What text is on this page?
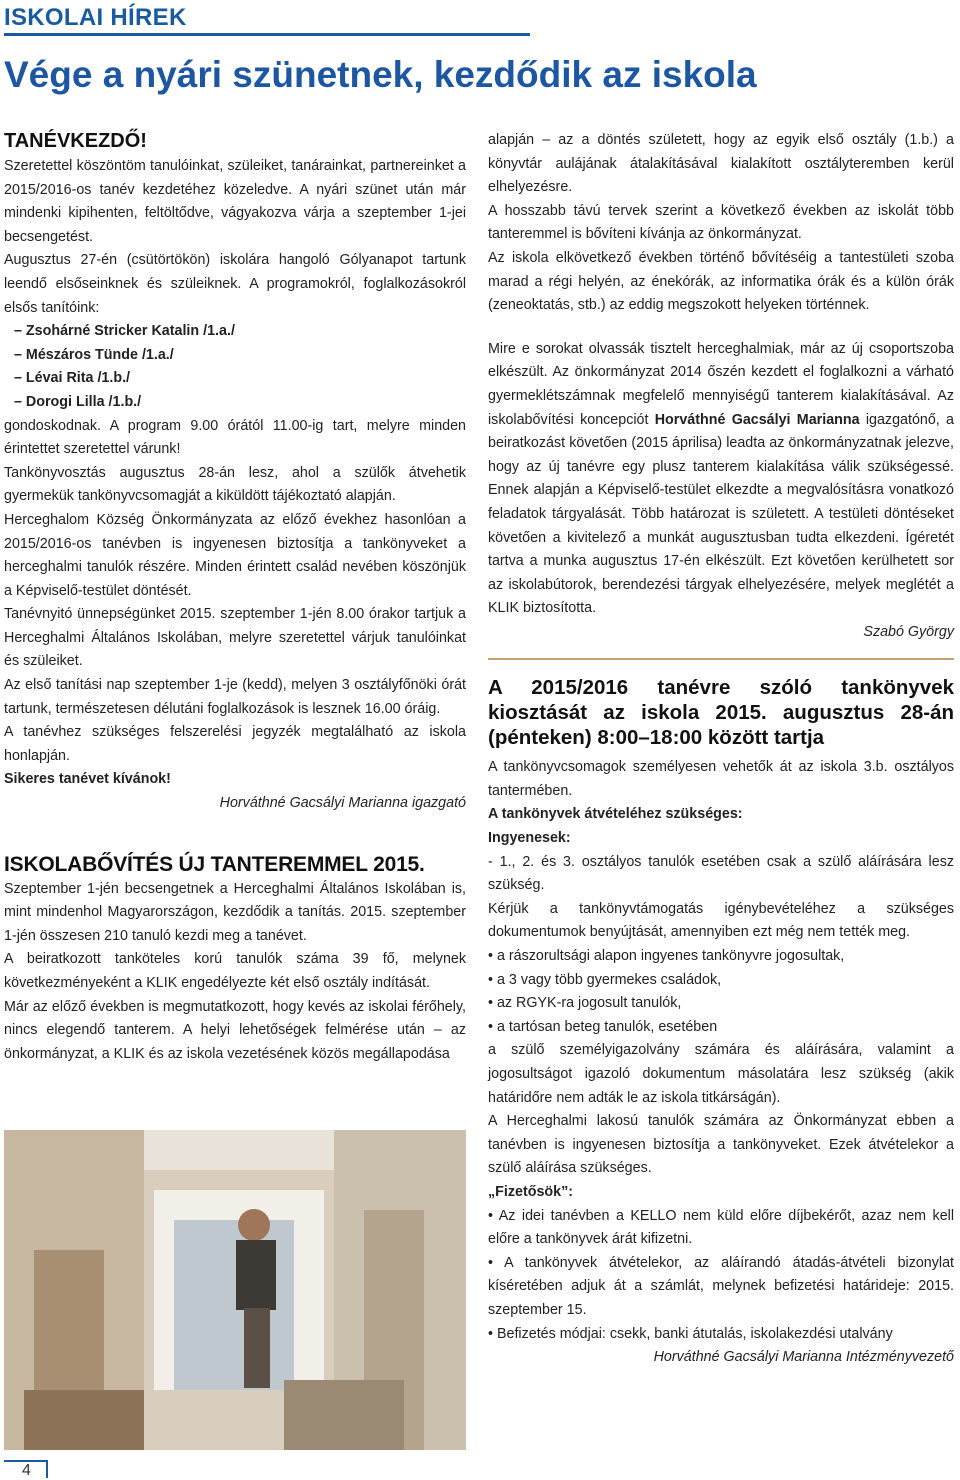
ISKOLAI HÍREK
Vége a nyári szünetnek, kezdődik az iskola

TANÉVKEZDŐ!

Szeretettel köszöntöm tanulóinkat, szüleiket, tanárainkat, partnereinket a 2015/2016-os tanév kezdetéhez közeledve. A nyári szünet után már mindenki kipihenten, feltöltődve, vágyakozva várja a szeptember 1-jei becsengetést.

Augusztus 27-én (csütörtökön) iskolára hangoló Gólyanapot tartunk leendő elsőseinknek és szüleiknek. A programokról, foglalkozásokról elsős tanítóink:

– Zsohárné Stricker Katalin /1.a./

– Mészáros Tünde /1.a./

– Lévai Rita /1.b./

– Dorogi Lilla /1.b./

gondoskodnak. A program 9.00 órától 11.00-ig tart, melyre minden érintettet szeretettel várunk!

Tankönyvosztás augusztus 28-án lesz, ahol a szülők átvehetik gyermekük tankönyvcsomagját a kiküldött tájékoztató alapján.

Herceghalom Község Önkormányzata az előző évekhez hasonlóan a 2015/2016-os tanévben is ingyenesen biztosítja a tankönyveket a herceghalmi tanulók részére. Minden érintett család nevében köszönjük a Képviselő-testület döntését.

Tanévnyitó ünnepségünket 2015. szeptember 1-jén 8.00 órakor tartjuk a Herceghalmi Általános Iskolában, melyre szeretettel várjuk tanulóinkat és szüleiket.

Az első tanítási nap szeptember 1-je (kedd), melyen 3 osztályfőnöki órát tartunk, természetesen délutáni foglalkozások is lesznek 16.00 óráig.

A tanévhez szükséges felszerelési jegyzék megtalálható az iskola honlapján.

Sikeres tanévet kívánok!

Horváthné Gacsályi Marianna igazgató

ISKOLABŐVÍTÉS ÚJ TANTEREMMEL 2015.

Szeptember 1-jén becsengetnek a Herceghalmi Általános Iskolában is, mint mindenhol Magyarországon, kezdődik a tanítás. 2015. szeptember 1-jén összesen 210 tanuló kezdi meg a tanévet.

A beiratkozott tanköteles korú tanulók száma 39 fő, melynek következményeként a KLIK engedélyezte két első osztály indítását.

Már az előző években is megmutatkozott, hogy kevés az iskolai férőhely, nincs elegendő tanterem. A helyi lehetőségek felmérése után – az önkormányzat, a KLIK és az iskola vezetésének közös megállapodása

alapján – az a döntés született, hogy az egyik első osztály (1.b.) a könyvtár aulájának átalakításával kialakított osztályteremben kerül elhelyezésre.

A hosszabb távú tervek szerint a következő években az iskolát több tanteremmel is bővíteni kívánja az önkormányzat.

Az iskola elkövetkező években történő bővítéséig a tantestületi szoba marad a régi helyén, az énekórák, az informatika órák és a külön órák (zeneoktatás, stb.) az eddig megszokott helyeken történnek.

Mire e sorokat olvassák tisztelt herceghalmiak, már az új csoportszoba elkészült. Az önkormányzat 2014 őszén kezdett el foglalkozni a várható gyermeklétszámnak megfelelő mennyiségű tanterem kialakításával. Az iskolabővítési koncepciót Horváthné Gacsályi Marianna igazgatónő, a beiratkozást követően (2015 áprilisa) leadta az önkormányzatnak jelezve, hogy az új tanévre egy plusz tanterem kialakítása válik szükségessé. Ennek alapján a Képviselő-testület elkezdte a megvalósításra vonatkozó feladatok tárgyalását. Több határozat is született. A testületi döntéseket követően a kivitelező a munkát augusztusban tudta elkezdeni. Ígéretét tartva a munka augusztus 17-én elkészült. Ezt követően kerülhetett sor az iskolabútorok, berendezési tárgyak elhelyezésére, melyek meglétét a KLIK biztosította.

Szabó György

A 2015/2016 tanévre szóló tankönyvek kiosztását az iskola 2015. augusztus 28-án (pénteken) 8:00–18:00 között tartja

A tankönyvcsomagok személyesen vehetők át az iskola 3.b. osztályos tantermében.

A tankönyvek átvételéhez szükséges:

Ingyenesek:

- 1., 2. és 3. osztályos tanulók esetében csak a szülő aláírására lesz szükség.

Kérjük a tankönyvtámogatás igénybevételéhez a szükséges dokumentumok benyújtását, amennyiben ezt még nem tették meg.

• a rászorultsági alapon ingyenes tankönyvre jogosultak,

• a 3 vagy több gyermekes családok,

• az RGYK-ra jogosult tanulók,

• a tartósan beteg tanulók, esetében

a szülő személyigazolvány számára és aláírására, valamint a jogosultságot igazoló dokumentum másolatára lesz szükség (akik határidőre nem adták le az iskola titkárságán).

A Herceghalmi lakosú tanulók számára az Önkormányzat ebben a tanévben is ingyenesen biztosítja a tankönyveket. Ezek átvételekor a szülő aláírása szükséges.

„Fizetősök”:

• Az idei tanévben a KELLO nem küld előre díjbekérőt, azaz nem kell előre a tankönyvek árát kifizetni.

• A tankönyvek átvételekor, az aláírandó átadás-átvételi bizonylat kíséretében adjuk át a számlát, melynek befizetési határideje: 2015. szeptember 15.

• Befizetés módjai: csekk, banki átutalás, iskolakezdési utalvány

Horváthné Gacsályi Marianna Intézményvezető

4
